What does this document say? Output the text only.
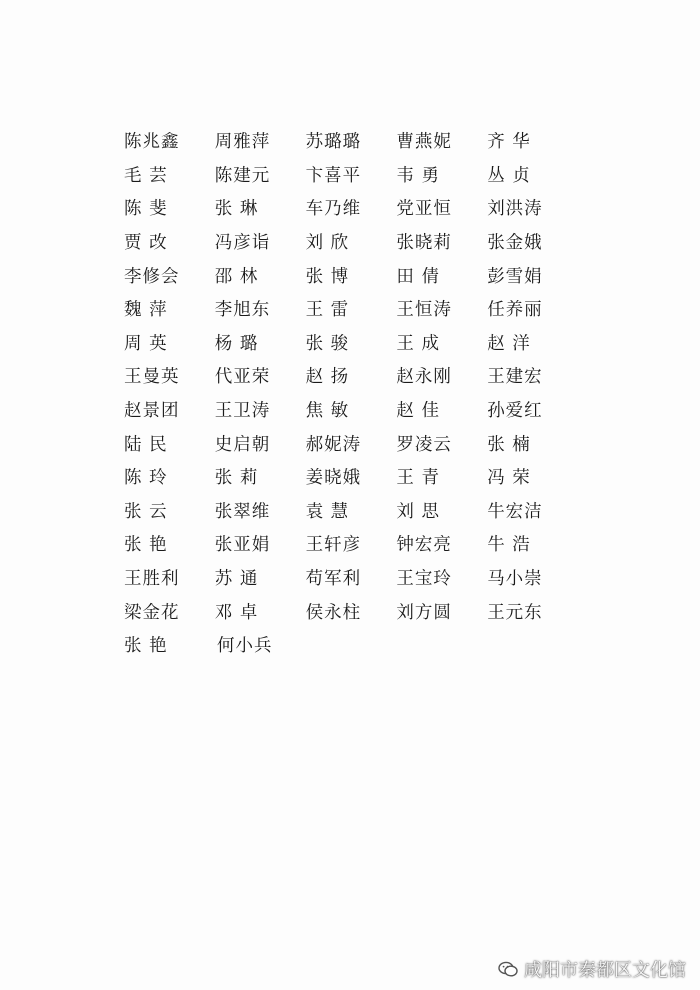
陈兆鑫	周雅萍	苏璐璐	曹燕妮	齐 华
毛 芸	陈建元	卞喜平	韦 勇	丛 贞
陈 斐	张 琳	车乃维	党亚恒	刘洪涛
贾 改	冯彦诣	刘 欣	张晓莉	张金娥
李修会	邵 林	张 博	田 倩	彭雪娟
魏 萍	李旭东	王 雷	王恒涛	任养丽
周 英	杨 璐	张 骏	王 成	赵 洋
王曼英	代亚荣	赵 扬	赵永刚	王建宏
赵景团	王卫涛	焦 敏	赵 佳	孙爱红
陆 民	史启朝	郝妮涛	罗凌云	张 楠
陈 玲	张 莉	姜晓娥	王 青	冯 荣
张 云	张翠维	袁 慧	刘 思	牛宏洁
张 艳	张亚娟	王轩彦	钟宏亮	牛 浩
王胜利	苏 通	苟军利	王宝玲	马小崇
梁金花	邓 卓	侯永柱	刘方圆	王元东
张 艳	何小兵
咸阳市秦都区文化馆
